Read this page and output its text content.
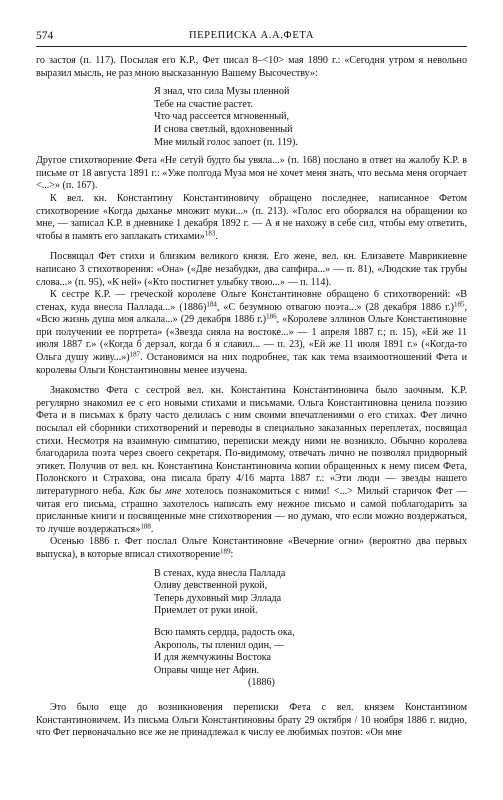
574	ПЕРЕПИСКА А.А.ФЕТА

го застоя (п. 117). Посылая его К.Р., Фет писал 8–<10> мая 1890 г.: «Сегодня утром я невольно выразил мысль, не раз мною высказанную Вашему Высочеству»:

Я знал, что сила Музы пленной
Тебе на счастие растет.
Что чад рассеется мгновенный,
И снова светлый, вдохновенный
Мне милый голос запоет (п. 119).

Другое стихотворение Фета «Не сетуй будто бы увяла...» (п. 168) послано в ответ на жалобу К.Р. в письме от 18 августа 1891 г.: «Уже полгода Муза моя не хочет меня знать, что весьма меня огорчает <...>» (п. 167).

К вел. кн. Константину Константиновичу обращено последнее, написанное Фетом стихотворение «Когда дыханье множит муки...» (п. 213). «Голос его оборвался на обращении ко мне, — записал К.Р. в дневнике 1 декабря 1892 г. — А я не нахожу в себе сил, чтобы ему ответить, чтобы в память его заплакать стихами»$^{183}$.

Посвящал Фет стихи и близким великого князя. Его жене, вел. кн. Елизавете Маврикиевне написано 3 стихотворения: «Она» («Две незабудки, два сапфира...» — п. 81), «Людские так грубы слова...» (п. 95), «К ней» («Кто постигнет улыбку твою...» — п. 114).

К сестре К.Р. — греческой королеве Ольге Константиновне обращено 6 стихотворений: «В стенах, куда внесла Паллада...» $(1886)^{184}$, «С безумною отвагою поэта...» (28 декабря 1886 г.)$^{185}$, «Всю жизнь душа моя алкала...» (29 декабря 1886 г.)$^{186}$, «Королеве эллинов Ольге Константиновне при получении ее портрета» («Звезда сияла на востоке...» — 1 апреля 1887 г.; п. 15), «Ей же 11 июля 1887 г.» («Когда б дерзал, когда б я славил... — п. 23), «Ей же 11 июля 1891 г.» («Когда-то Ольга душу живу...»)$^{187}$. Остановимся на них подробнее, так как тема взаимоотношений Фета и королевы Ольги Константиновны менее изучена.

Знакомство Фета с сестрой вел. кн. Константина Константиновича было заочным. К.Р. регулярно знакомил ее с его новыми стихами и письмами. Ольга Константиновна ценила поэзию Фета и в письмах к брату часто делилась с ним своими впечатлениями о его стихах. Фет лично посылал ей сборники стихотворений и переводы в специально заказанных переплетах, посвящал стихи. Несмотря на взаимную симпатию, переписки между ними не возникло. Обычно королева благодарила поэта через своего секретаря. По-видимому, отвечать лично не позволял придворный этикет. Получив от вел. кн. Константина Константиновича копии обращенных к нему писем Фета, Полонского и Страхова, она писала брату 4/16 марта 1887 г.: «Эти люди — звезды нашего литературного неба. Как бы мне хотелось познакомиться с ними! <...> Милый старичок Фет — читая его письма, страшно захотелось написать ему нежное письмо и самой поблагодарить за присланные книги и посвященные мне стихотворения — но думаю, что если можно воздержаться, то лучше воздержаться»$^{188}$.

Осенью 1886 г. Фет послал Ольге Константиновне «Вечерние огни» (вероятно два первых выпуска), в которые вписал стихотворение$^{189}$:

В стенах, куда внесла Паллада
Оливу девственной рукой,
Теперь духовный мир Эллада
Приемлет от руки иной.
Всю память сердца, радость ока,
Акрополь, ты пленил один, —
И для жемчужины Востока
Оправы чище нет Афин.
(1886)

Это было еще до возникновения переписки Фета с вел. князем Константином Константиновичем. Из письма Ольги Константиновны брату 29 октября / 10 ноября 1886 г. видно, что Фет первоначально все же не принадлежал к числу ее любимых поэтов: «Он мне
